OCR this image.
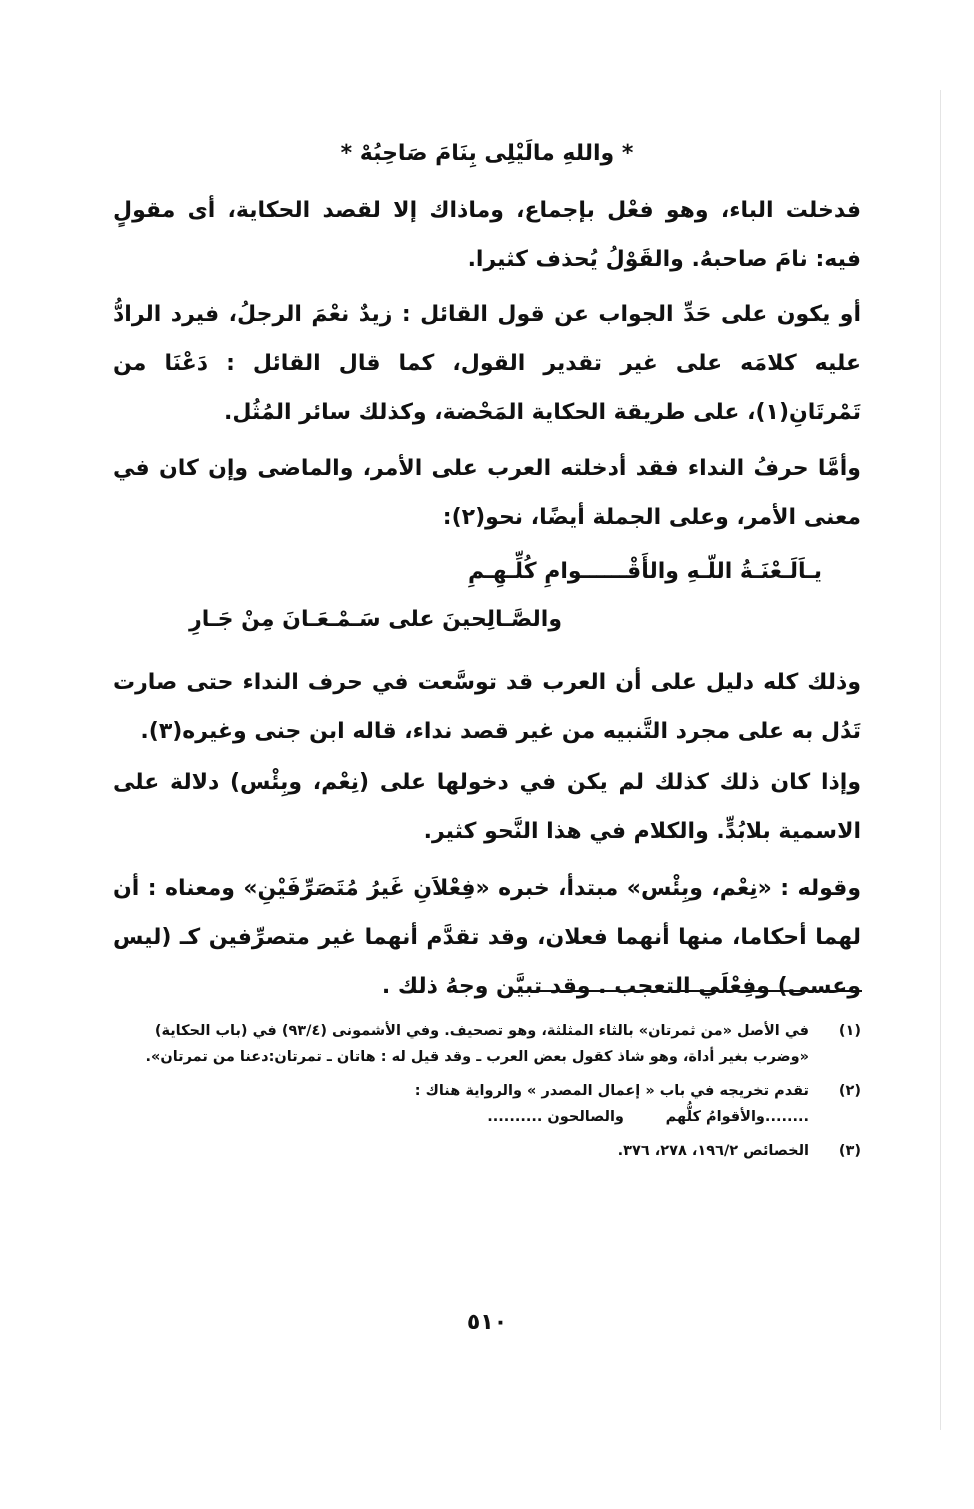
* واللهِ مالَيْلِى بِنَامَ صَاحِبُهْ *
فدخلت الباء، وهو فعْل بإجماع، وماذاك إلا لقصد الحكاية، أى مقولٍ فيه: نامَ صاحبهُ. والقَوْلُ يُحذف كثيرا.
أو يكون على حَدِّ الجواب عن قول القائل : زيدٌ نعْمَ الرجلُ، فيرد الرادُّ عليه كلامَه على غير تقدير القول، كما قال القائل : دَعْنَا من تَمْرتَانِ(١)، على طريقة الحكاية المَحْضة، وكذلك سائر المُثُل.
وأمَّا حرفُ النداء فقد أدخلته العرب على الأمر، والماضى وإن كان في معنى الأمر، وعلى الجملة أيضًا، نحو(٢):
يـاَلَـعْنَـةُ اللّـهِ والأَقْــــــوامِ كُلِّـهِـمِ
والصَّـالِحينَ على سَـمْـعَـانَ مِنْ جَـارِ
وذلك كله دليل على أن العرب قد توسَّعت في حرف النداء حتى صارت تَدُل به على مجرد التَّنبيه من غير قصد نداء، قاله ابن جنى وغيره(٣).
وإذا كان ذلك كذلك لم يكن في دخولها على (نِعْم، وبِئْس) دلالة على الاسمية بلابُدٍّ. والكلام في هذا النَّحو كثير.
وقوله : «نِعْم، وبِئْس» مبتدأ، خبره «فِعْلاَنِ غَيرُ مُتَصَرِّفَيْنِ» ومعناه : أن لهما أحكاما، منها أنهما فعلان، وقد تقدَّم أنهما غير متصرِّفين كـ (ليس وعسى) وفِعْلَي التعجب . وقد تبيَّن وجهُ ذلك .
(١)
في الأصل «من ثمرتان» بالثاء المثلثة، وهو تصحيف. وفي الأشمونى (٩٣/٤) في (باب الحكاية)
«وضرب بغير أداة، وهو شاذ كقول بعض العرب ـ وقد قيل له : هاتان ـ تمرتان:دعنا من تمرتان».
(٢)
تقدم تخريجه في باب « إعمال المصدر » والرواية هناك :
........والأقوامُ كلُّهم والصالحون ..........
(٣)
الخصائص ١٩٦/٢، ٢٧٨، ٣٧٦.
٥١٠
